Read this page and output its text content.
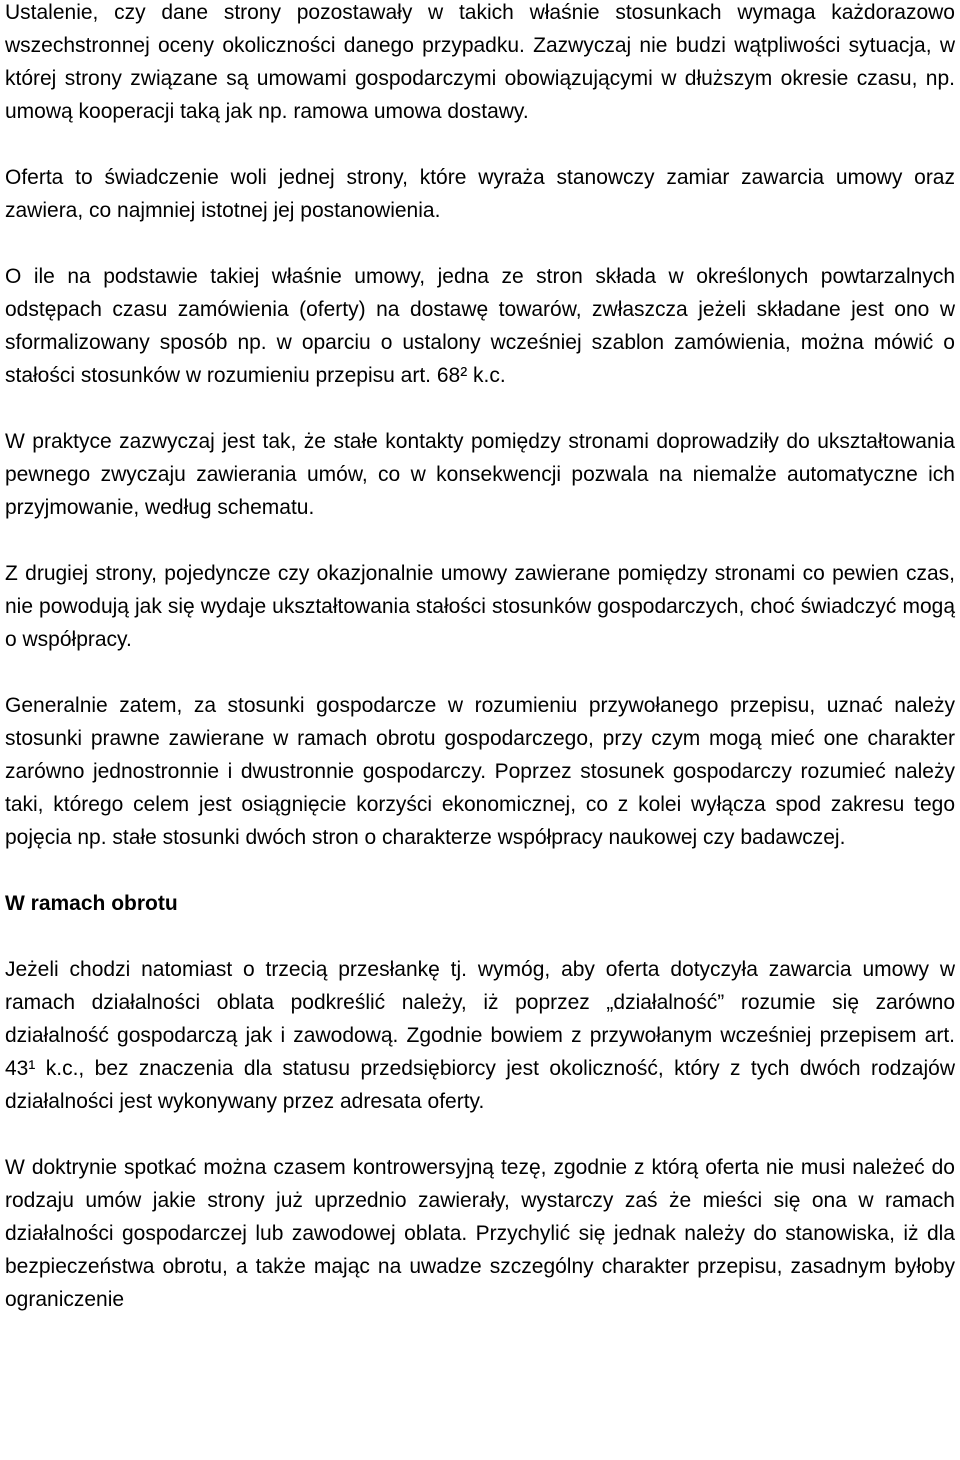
Ustalenie, czy dane strony pozostawały w takich właśnie stosunkach wymaga każdorazowo wszechstronnej oceny okoliczności danego przypadku. Zazwyczaj nie budzi wątpliwości sytuacja, w której strony związane są umowami gospodarczymi obowiązującymi w dłuższym okresie czasu, np. umową kooperacji taką jak np. ramowa umowa dostawy.

Oferta to świadczenie woli jednej strony, które wyraża stanowczy zamiar zawarcia umowy oraz zawiera, co najmniej istotnej jej postanowienia.

O ile na podstawie takiej właśnie umowy, jedna ze stron składa w określonych powtarzalnych odstępach czasu zamówienia (oferty) na dostawę towarów, zwłaszcza jeżeli składane jest ono w sformalizowany sposób np. w oparciu o ustalony wcześniej szablon zamówienia, można mówić o stałości stosunków w rozumieniu przepisu art. 68² k.c.

W praktyce zazwyczaj jest tak, że stałe kontakty pomiędzy stronami doprowadziły do ukształtowania pewnego zwyczaju zawierania umów, co w konsekwencji pozwala na niemalże automatyczne ich przyjmowanie, według schematu.

Z drugiej strony, pojedyncze czy okazjonalnie umowy zawierane pomiędzy stronami co pewien czas, nie powodują jak się wydaje ukształtowania stałości stosunków gospodarczych, choć świadczyć mogą o współpracy.

Generalnie zatem, za stosunki gospodarcze w rozumieniu przywołanego przepisu, uznać należy stosunki prawne zawierane w ramach obrotu gospodarczego, przy czym mogą mieć one charakter zarówno jednostronnie i dwustronnie gospodarczy. Poprzez stosunek gospodarczy rozumieć należy taki, którego celem jest osiągnięcie korzyści ekonomicznej, co z kolei wyłącza spod zakresu tego pojęcia np. stałe stosunki dwóch stron o charakterze współpracy naukowej czy badawczej.

W ramach obrotu

Jeżeli chodzi natomiast o trzecią przesłankę tj. wymóg, aby oferta dotyczyła zawarcia umowy w ramach działalności oblata podkreślić należy, iż poprzez „działalność” rozumie się zarówno działalność gospodarczą jak i zawodową. Zgodnie bowiem z przywołanym wcześniej przepisem art. 43¹ k.c., bez znaczenia dla statusu przedsiębiorcy jest okoliczność, który z tych dwóch rodzajów działalności jest wykonywany przez adresata oferty.

W doktrynie spotkać można czasem kontrowersyjną tezę, zgodnie z którą oferta nie musi należeć do rodzaju umów jakie strony już uprzednio zawierały, wystarczy zaś że mieści się ona w ramach działalności gospodarczej lub zawodowej oblata. Przychylić się jednak należy do stanowiska, iż dla bezpieczeństwa obrotu, a także mając na uwadze szczególny charakter przepisu, zasadnym byłoby ograniczenie
